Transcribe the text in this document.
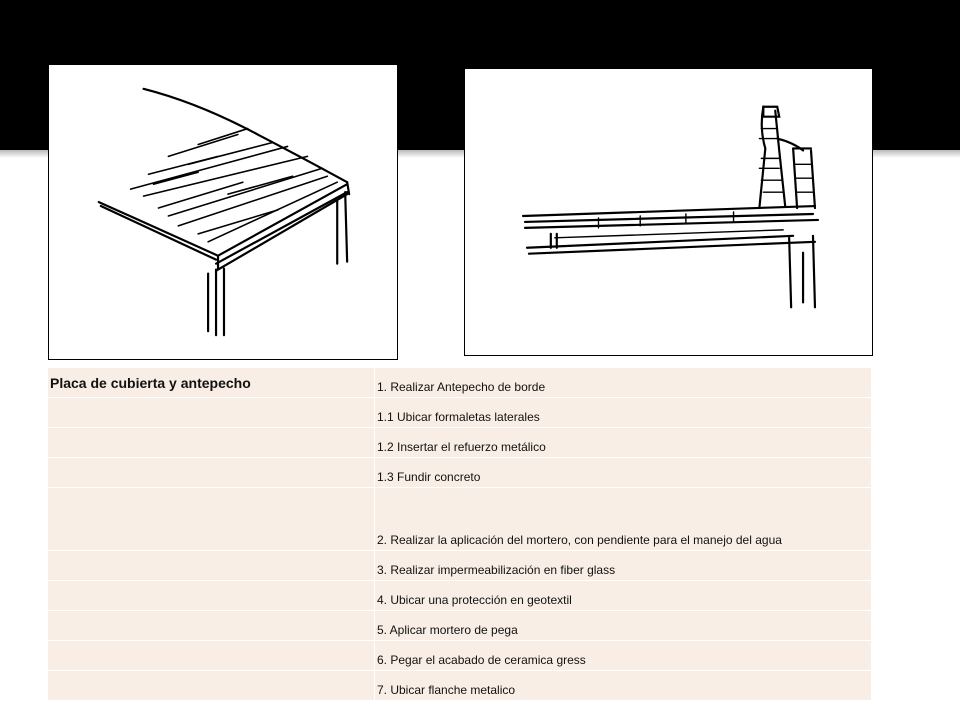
Placa de cubierta y antepecho	1. Realizar Antepecho de borde
	1.1 Ubicar formaletas laterales
	1.2 Insertar el refuerzo metálico
	1.3 Fundir concreto
	2. Realizar la aplicación del mortero, con pendiente para el manejo del agua
	3. Realizar impermeabilización en fiber glass
	4. Ubicar una protección en geotextil
	5. Aplicar mortero de pega
	6. Pegar el acabado de ceramica gress
	7. Ubicar flanche metalico
